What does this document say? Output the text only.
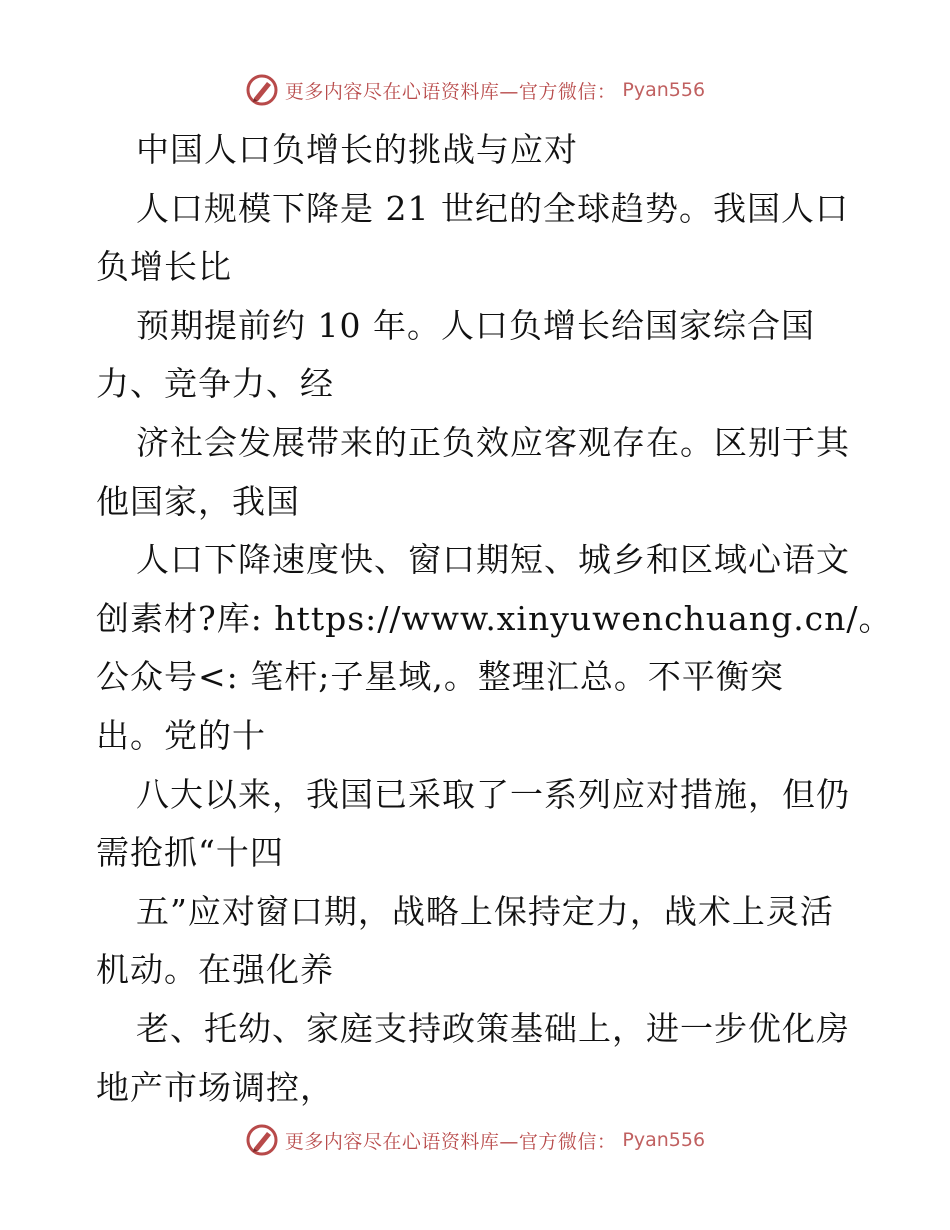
更多内容尽在心语资料库—官方微信： Pyan556
中国人口负增长的挑战与应对
人口规模下降是 21 世纪的全球趋势。我国人口
负增长比
预期提前约 10 年。人口负增长给国家综合国
力、竞争力、经
济社会发展带来的正负效应客观存在。区别于其
他国家，我国
人口下降速度快、窗口期短、城乡和区域心语文
创素材?库: https://www.xinyuwenchuang.cn/。
公众号<: 笔杆;子星域,。整理汇总。不平衡突
出。党的十
八大以来，我国已采取了一系列应对措施，但仍
需抢抓“十四
五”应对窗口期，战略上保持定力，战术上灵活
机动。在强化养
老、托幼、家庭支持政策基础上，进一步优化房
地产市场调控，
更多内容尽在心语资料库—官方微信： Pyan556
